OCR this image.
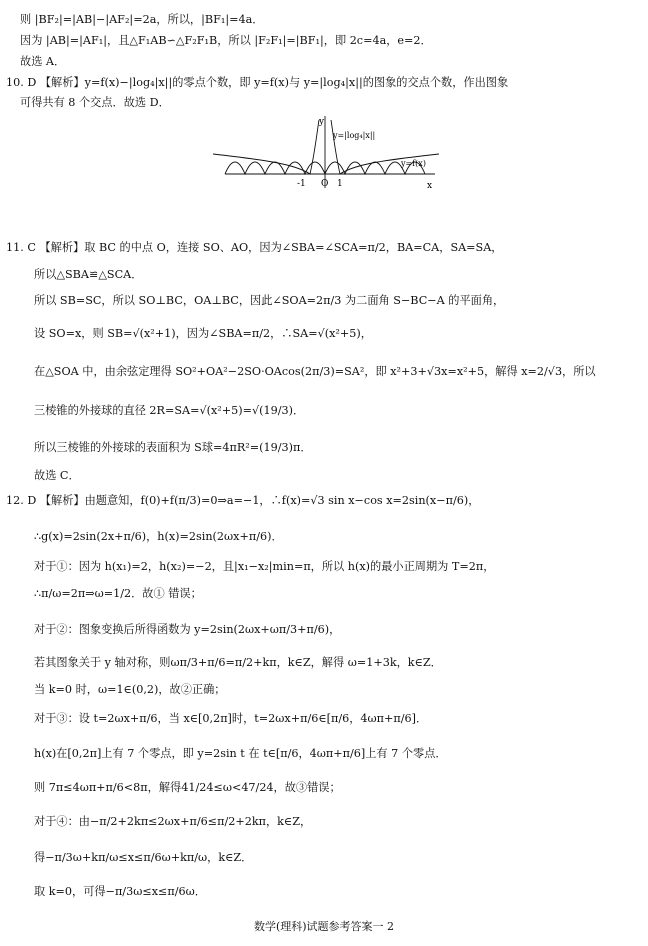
则 |BF₂|=|AB|−|AF₂|=2a，所以，|BF₁|=4a．
因为 |AB|=|AF₁|，且△F₁AB∽△F₂F₁B，所以 |F₂F₁|=|BF₁|，即 2c=4a，e=2．
故选 A．
10. D 【解析】y=f(x)−|log₄|x||的零点个数，即 y=f(x)与 y=|log₄|x||的图象的交点个数，作出图象
可得共有 8 个交点．故选 D．
y
y=|log₄|x||
y=f(x)
-1 O 1	x
11. C 【解析】取 BC 的中点 O，连接 SO、AO，因为∠SBA=∠SCA=π/2，BA=CA，SA=SA，
所以△SBA≌△SCA．
所以 SB=SC，所以 SO⊥BC，OA⊥BC，因此∠SOA=2π/3 为二面角 S−BC−A 的平面角，
设 SO=x，则 SB=√(x²+1)，因为∠SBA=π/2，∴SA=√(x²+5)，
在△SOA 中，由余弦定理得 SO²+OA²−2SO·OAcos(2π/3)=SA²，即 x²+3+√3x=x²+5，解得 x=2/√3，所以
三棱锥的外接球的直径 2R=SA=√(x²+5)=√(19/3)．
所以三棱锥的外接球的表面积为 S球=4πR²=(19/3)π．
故选 C．
12. D 【解析】由题意知，f(0)+f(π/3)=0⇒a=−1，∴f(x)=√3 sin x−cos x=2sin(x−π/6)，
∴g(x)=2sin(2x+π/6)，h(x)=2sin(2ωx+π/6)．
对于①：因为 h(x₁)=2，h(x₂)=−2，且|x₁−x₂|min=π，所以 h(x)的最小正周期为 T=2π，
∴π/ω=2π⇒ω=1/2．故① 错误；
对于②：图象变换后所得函数为 y=2sin(2ωx+ωπ/3+π/6)，
若其图象关于 y 轴对称，则ωπ/3+π/6=π/2+kπ，k∈Z，解得 ω=1+3k，k∈Z．
当 k=0 时，ω=1∈(0,2)，故②正确；
对于③：设 t=2ωx+π/6，当 x∈[0,2π]时，t=2ωx+π/6∈[π/6，4ωπ+π/6]．
h(x)在[0,2π]上有 7 个零点，即 y=2sin t 在 t∈[π/6，4ωπ+π/6]上有 7 个零点．
则 7π≤4ωπ+π/6<8π，解得41/24≤ω<47/24，故③错误；
对于④：由−π/2+2kπ≤2ωx+π/6≤π/2+2kπ，k∈Z，
得−π/3ω+kπ/ω≤x≤π/6ω+kπ/ω，k∈Z．
取 k=0，可得−π/3ω≤x≤π/6ω．
数学(理科)试题参考答案一 2
